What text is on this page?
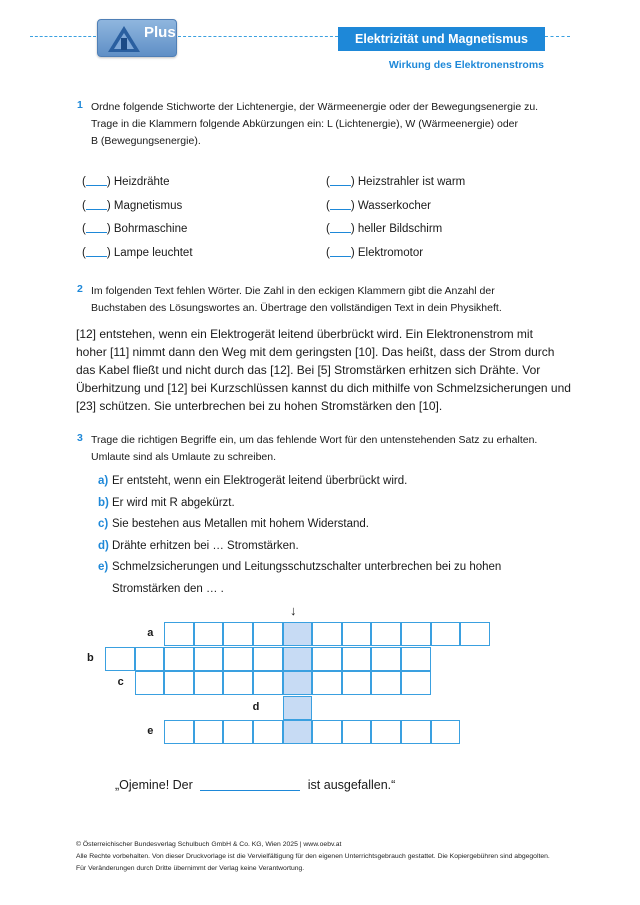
Plus	Elektrizität und Magnetismus
Wirkung des Elektronenstroms
1 Ordne folgende Stichworte der Lichtenergie, der Wärmeenergie oder der Bewegungsenergie zu.

Trage in die Klammern folgende Abkürzungen ein: L (Lichtenergie), W (Wärmeenergie) oder

B (Bewegungsenergie).

( ) Heizdrähte	( ) Heizstrahler ist warm
( ) Magnetismus	( ) Wasserkocher
( ) Bohrmaschine	( ) heller Bildschirm
( ) Lampe leuchtet	( ) Elektromotor
2 Im folgenden Text fehlen Wörter. Die Zahl in den eckigen Klammern gibt die Anzahl der

Buchstaben des Lösungswortes an. Übertrage den vollständigen Text in dein Physikheft.

[12] entstehen, wenn ein Elektrogerät leitend überbrückt wird. Ein Elektronenstrom mit

hoher [11] nimmt dann den Weg mit dem geringsten [10]. Das heißt, dass der Strom durch

das Kabel fließt und nicht durch das [12]. Bei [5] Stromstärken erhitzen sich Drähte. Vor

Überhitzung und [12] bei Kurzschlüssen kannst du dich mithilfe von Schmelzsicherungen und

[23] schützen. Sie unterbrechen bei zu hohen Stromstärken den [10].

3 Trage die richtigen Begriffe ein, um das fehlende Wort für den untenstehenden Satz zu erhalten.

Umlaute sind als Umlaute zu schreiben.

a) Er entsteht, wenn ein Elektrogerät leitend überbrückt wird.
b) Er wird mit R abgekürzt.
c) Sie bestehen aus Metallen mit hohem Widerstand.
d) Drähte erhitzen bei … Stromstärken.
e) Schmelzsicherungen und Leitungsschutzschalter unterbrechen bei zu hohen
Stromstärken den … .
↓
a
b
c
d
e
„Ojemine! Der	ist ausgefallen.“

© Österreichischer Bundesverlag Schulbuch GmbH & Co. KG, Wien 2025 | www.oebv.at

Alle Rechte vorbehalten. Von dieser Druckvorlage ist die Vervielfältigung für den eigenen Unterrichtsgebrauch gestattet. Die Kopiergebühren sind abgegolten.

Für Veränderungen durch Dritte übernimmt der Verlag keine Verantwortung.
